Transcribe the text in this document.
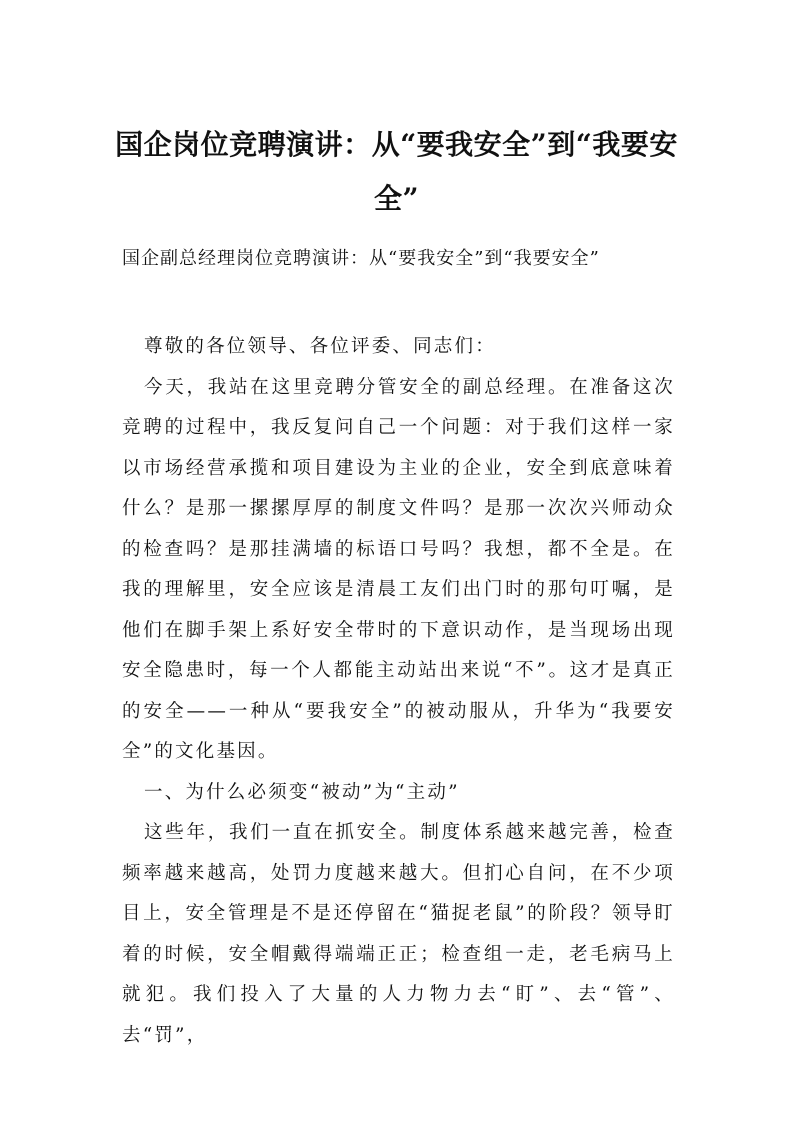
国企岗位竞聘演讲：从“要我安全”到“我要安全”
国企副总经理岗位竞聘演讲：从“要我安全”到“我要安全”

尊敬的各位领导、各位评委、同志们：

今天，我站在这里竞聘分管安全的副总经理。在准备这次竞聘的过程中，我反复问自己一个问题：对于我们这样一家以市场经营承揽和项目建设为主业的企业，安全到底意味着什么？是那一摞摞厚厚的制度文件吗？是那一次次兴师动众的检查吗？是那挂满墙的标语口号吗？我想，都不全是。在我的理解里，安全应该是清晨工友们出门时的那句叮嘱，是他们在脚手架上系好安全带时的下意识动作，是当现场出现安全隐患时，每一个人都能主动站出来说“不”。这才是真正的安全——一种从“要我安全”的被动服从，升华为“我要安全”的文化基因。

一、为什么必须变“被动”为“主动”

这些年，我们一直在抓安全。制度体系越来越完善，检查频率越来越高，处罚力度越来越大。但扪心自问，在不少项目上，安全管理是不是还停留在“猫捉老鼠”的阶段？领导盯着的时候，安全帽戴得端端正正；检查组一走，老毛病马上就犯。我们投入了大量的人力物力去“盯”、去“管”、去“罚”，
